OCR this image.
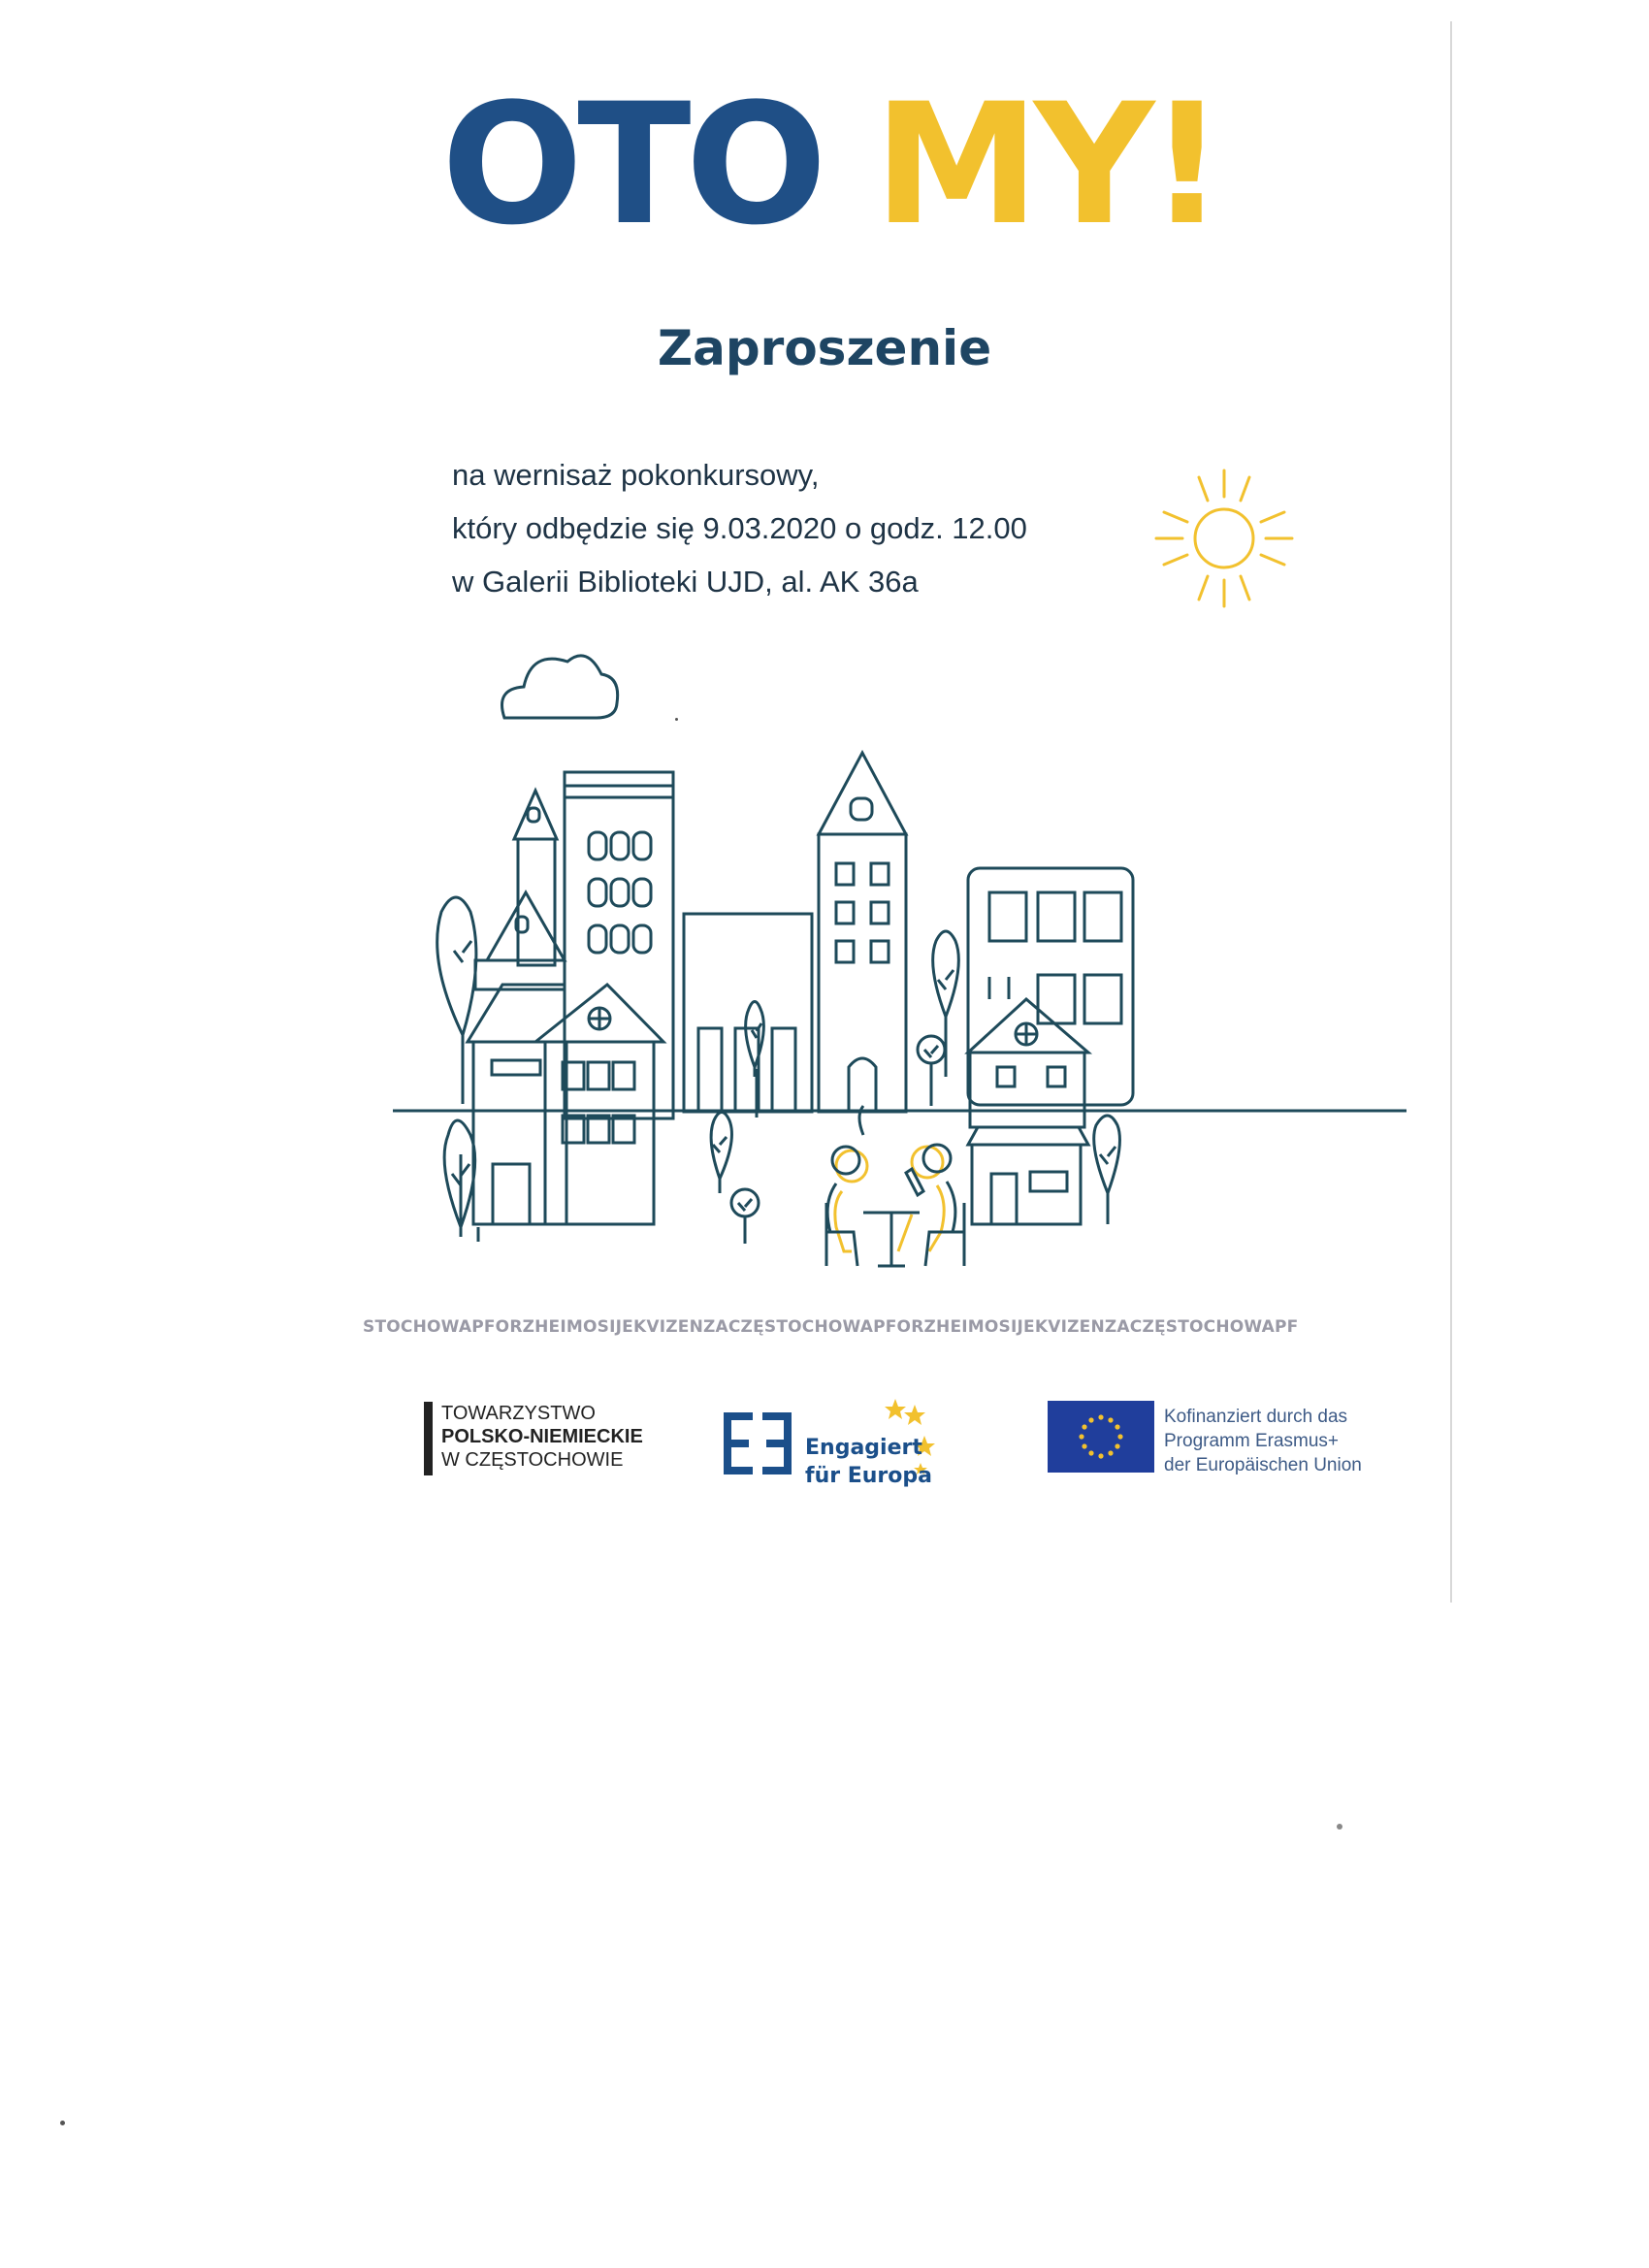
OTO MY!
Zaproszenie
na wernisaż pokonkursowy,
który odbędzie się 9.03.2020 o godz. 12.00
w Galerii Biblioteki UJD, al. AK 36a
STOCHOWAPFORZHEIMOSIJEKVIZENZACZĘSTOCHOWAPFORZHEIMOSIJEKVIZENZACZĘSTOCHOWAPF
TOWARZYSTWO
POLSKO-NIEMIECKIE
W CZĘSTOCHOWIE	Engagiert
für Europa
Kofinanziert durch das
Programm Erasmus+
der Europäischen Union
